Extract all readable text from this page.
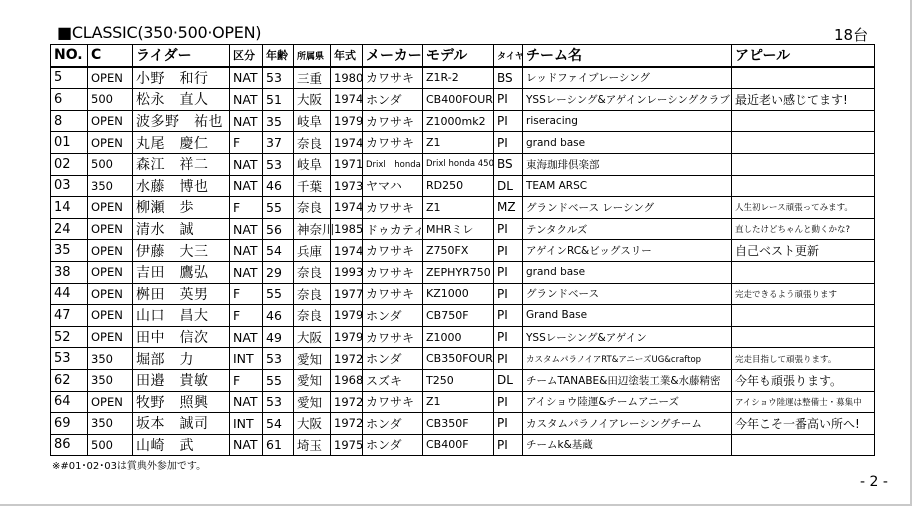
■CLASSIC(350·500·OPEN)	18台
NO.	C	ライダー	区分	年齢	所属県	年式	メーカー	モデル	タイヤ	チーム名	アピール
5	OPEN	小野　和行	NAT	53	三重	1980	カワサキ	Z1R-2	BS	レッドファイブレーシング	
6	500	松永　直人	NAT	51	大阪	1974	ホンダ	CB400FOUR	PI	YSSレーシング&アゲインレーシングクラブ	最近老い感じてます!
8	OPEN	波多野　祐也	NAT	35	岐阜	1979	カワサキ	Z1000mk2	PI	riseracing	
01	OPEN	丸尾　慶仁	F	37	奈良	1974	カワサキ	Z1	PI	grand base	
02	500	森江　祥二	NAT	53	岐阜	1971	Drixl　honda	Drixl honda 450	BS	東海珈琲倶楽部	
03	350	水藤　博也	NAT	46	千葉	1973	ヤマハ	RD250	DL	TEAM ARSC	
14	OPEN	柳瀬　歩	F	55	奈良	1974	カワサキ	Z1	MZ	グランドベース レーシング	人生初レース頑張ってみます。
24	OPEN	清水　誠	NAT	56	神奈川	1985	ドゥカティ	MHRミレ	PI	テンタクルズ	直したけどちゃんと動くかな?
35	OPEN	伊藤　大三	NAT	54	兵庫	1974	カワサキ	Z750FX	PI	アゲインRC&ビッグスリー	自己ベスト更新
38	OPEN	吉田　鷹弘	NAT	29	奈良	1993	カワサキ	ZEPHYR750	PI	grand base	
44	OPEN	桝田　英男	F	55	奈良	1977	カワサキ	KZ1000	PI	グランドベース	完走できるよう頑張ります
47	OPEN	山口　昌大	F	46	奈良	1979	ホンダ	CB750F	PI	Grand Base	
52	OPEN	田中　信次	NAT	49	大阪	1979	カワサキ	Z1000	PI	YSSレーシング&アゲイン	
53	350	堀部　力	INT	53	愛知	1972	ホンダ	CB350FOUR	PI	カスタムパラノイアRT&アニーズUG&craftop	完走目指して頑張ります。
62	350	田邉　貴敏	F	55	愛知	1968	スズキ	T250	DL	チームTANABE&田辺塗装工業&水藤精密	今年も頑張ります。
64	OPEN	牧野　照興	NAT	53	愛知	1972	カワサキ	Z1	PI	アイショウ陸運&チームアニーズ	アイショウ陸運は整備士・募集中
69	350	坂本　誠司	INT	54	大阪	1972	ホンダ	CB350F	PI	カスタムパラノイアレーシングチーム	今年こそ一番高い所へ!
86	500	山崎　武	NAT	61	埼玉	1975	ホンダ	CB400F	PI	チームk&基蔵	
※#01･02･03は賞典外参加です。
- 2 -
